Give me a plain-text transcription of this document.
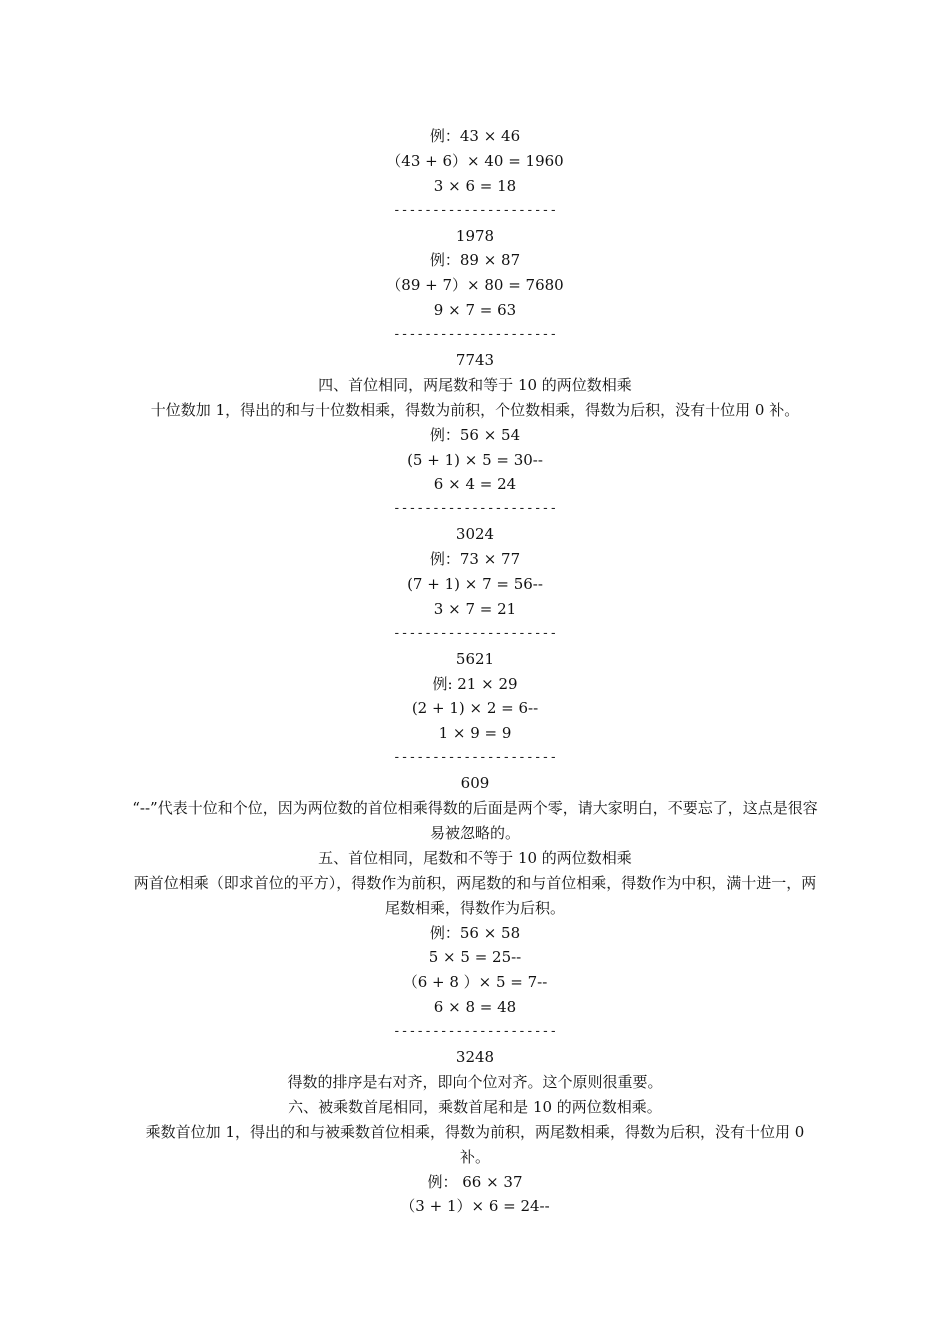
例：43 × 46
（43 + 6）× 40 = 1960
3 × 6 = 18
---------------------
1978
例：89 × 87
（89 + 7）× 80 = 7680
9 × 7 = 63
---------------------
7743
四、首位相同，两尾数和等于 10 的两位数相乘
十位数加 1，得出的和与十位数相乘，得数为前积，个位数相乘，得数为后积，没有十位用 0 补。
例：56 × 54
(5 + 1) × 5 = 30--
6 × 4 = 24
---------------------
3024
例：73 × 77
(7 + 1) × 7 = 56--
3 × 7 = 21
---------------------
5621
例: 21 × 29
(2 + 1) × 2 = 6--
1 × 9 = 9
---------------------
609
“--”代表十位和个位，因为两位数的首位相乘得数的后面是两个零，请大家明白，不要忘了，这点是很容易被忽略的。
五、首位相同，尾数和不等于 10 的两位数相乘
两首位相乘（即求首位的平方），得数作为前积，两尾数的和与首位相乘，得数作为中积，满十进一，两尾数相乘，得数作为后积。
例：56 × 58
5 × 5 = 25--
（6 + 8 ）× 5 = 7--
6 × 8 = 48
---------------------
3248
得数的排序是右对齐，即向个位对齐。这个原则很重要。
六、被乘数首尾相同，乘数首尾和是 10 的两位数相乘。
乘数首位加 1，得出的和与被乘数首位相乘，得数为前积，两尾数相乘，得数为后积，没有十位用 0 补。
例： 66 × 37
（3 + 1）× 6 = 24--
